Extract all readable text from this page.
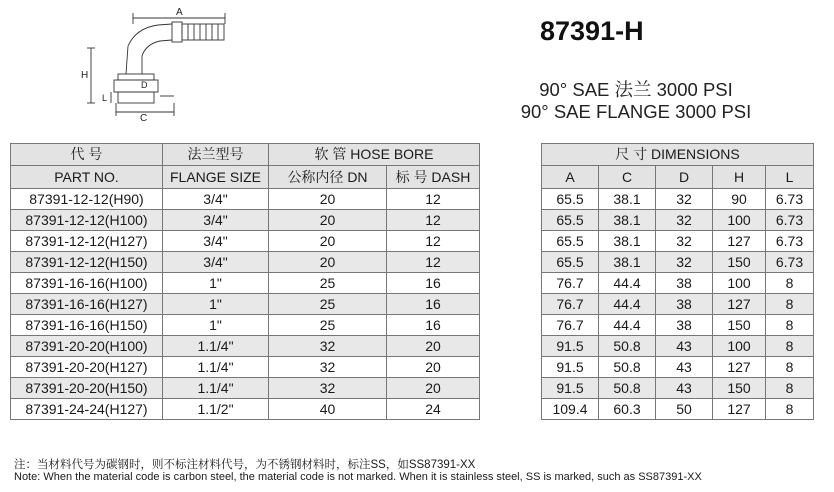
A
H
L
D
C
87391-H
90° SAE 法兰 3000 PSI
90° SAE FLANGE 3000 PSI
代 号	法兰型号	软 管 HOSE BORE			尺 寸 DIMENSIONS				
PART NO.	FLANGE SIZE	公称内径 DN	标 号 DASH		A	C	D	H	L
87391-12-12(H90)	3/4"	20	12		65.5	38.1	32	90	6.73
87391-12-12(H100)	3/4"	20	12		65.5	38.1	32	100	6.73
87391-12-12(H127)	3/4"	20	12		65.5	38.1	32	127	6.73
87391-12-12(H150)	3/4"	20	12		65.5	38.1	32	150	6.73
87391-16-16(H100)	1"	25	16		76.7	44.4	38	100	8
87391-16-16(H127)	1"	25	16		76.7	44.4	38	127	8
87391-16-16(H150)	1"	25	16		76.7	44.4	38	150	8
87391-20-20(H100)	1.1/4"	32	20		91.5	50.8	43	100	8
87391-20-20(H127)	1.1/4"	32	20		91.5	50.8	43	127	8
87391-20-20(H150)	1.1/4"	32	20		91.5	50.8	43	150	8
87391-24-24(H127)	1.1/2"	40	24		109.4	60.3	50	127	8
注：当材料代号为碳钢时，则不标注材料代号，为不锈钢材料时，标注SS，如SS87391-XX
Note: When the material code is carbon steel, the material code is not marked. When it is stainless steel, SS is marked, such as SS87391-XX
